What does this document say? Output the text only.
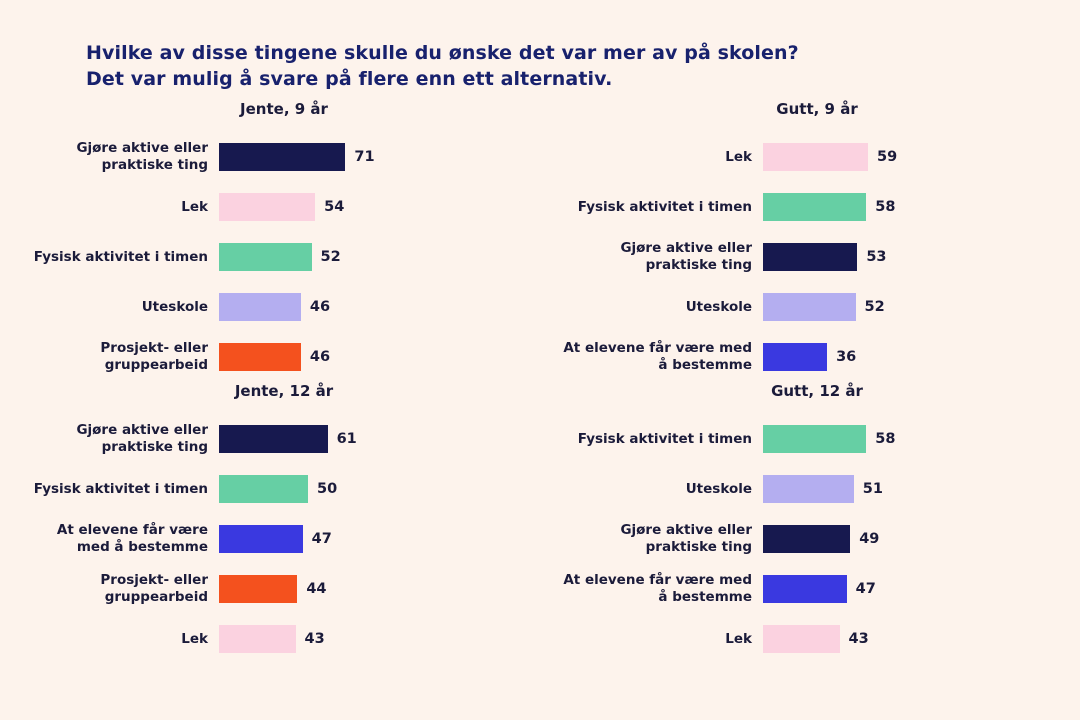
Hvilke av disse tingene skulle du ønske det var mer av på skolen?
Det var mulig å svare på flere enn ett alternativ.
Jente, 9 år
Gjøre aktive eller praktiske ting	71
Lek	54
Fysisk aktivitet i timen	52
Uteskole	46
Prosjekt- eller gruppearbeid	46
Gutt, 9 år
Lek	59
Fysisk aktivitet i timen	58
Gjøre aktive eller praktiske ting	53
Uteskole	52
At elevene får være med å bestemme	36
Jente, 12 år
Gjøre aktive eller praktiske ting	61
Fysisk aktivitet i timen	50
At elevene får være med å bestemme	47
Prosjekt- eller gruppearbeid	44
Lek	43
Gutt, 12 år
Fysisk aktivitet i timen	58
Uteskole	51
Gjøre aktive eller praktiske ting	49
At elevene får være med å bestemme	47
Lek	43
